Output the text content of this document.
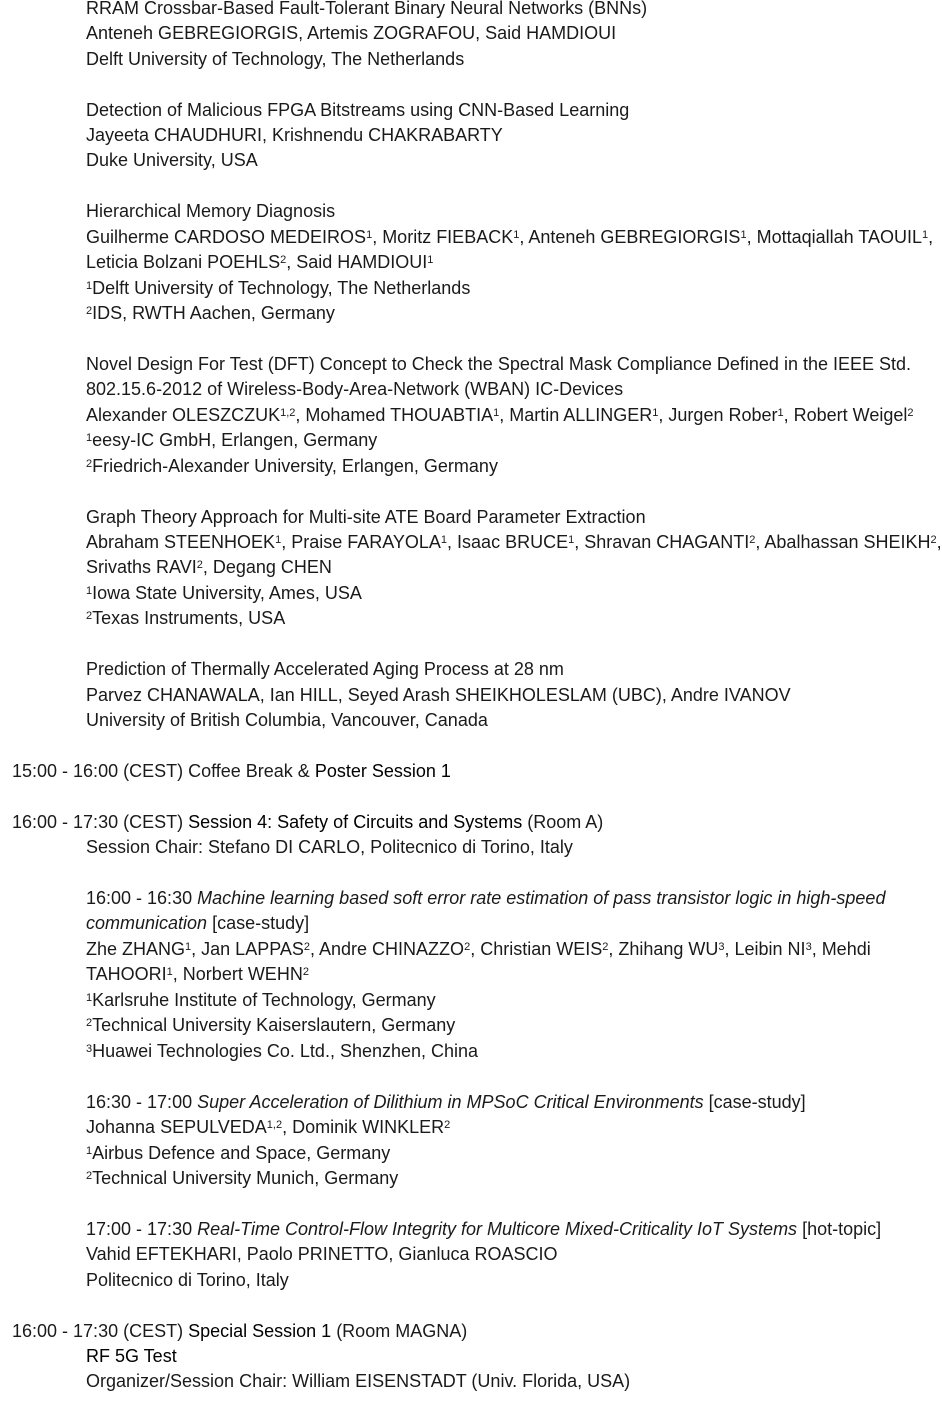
RRAM Crossbar-Based Fault-Tolerant Binary Neural Networks (BNNs)
Anteneh GEBREGIORGIS, Artemis ZOGRAFOU, Said HAMDIOUI
Delft University of Technology, The Netherlands
Detection of Malicious FPGA Bitstreams using CNN-Based Learning
Jayeeta CHAUDHURI, Krishnendu CHAKRABARTY
Duke University, USA
Hierarchical Memory Diagnosis
Guilherme CARDOSO MEDEIROS$^1$, Moritz FIEBACK$^1$, Anteneh GEBREGIORGIS$^1$, Mottaqiallah TAOUIL$^1$,
Leticia Bolzani POEHLS$^2$, Said HAMDIOUI$^1$
$^1$Delft University of Technology, The Netherlands
$^2$IDS, RWTH Aachen, Germany
Novel Design For Test (DFT) Concept to Check the Spectral Mask Compliance Defined in the IEEE Std.
802.15.6-2012 of Wireless-Body-Area-Network (WBAN) IC-Devices
Alexander OLESZCZUK$^{1,2}$, Mohamed THOUABTIA$^1$, Martin ALLINGER$^1$, Jurgen Rober$^1$, Robert Weigel$^2$
$^1$eesy-IC GmbH, Erlangen, Germany
$^2$Friedrich-Alexander University, Erlangen, Germany
Graph Theory Approach for Multi-site ATE Board Parameter Extraction
Abraham STEENHOEK$^1$, Praise FARAYOLA$^1$, Isaac BRUCE$^1$, Shravan CHAGANTI$^2$, Abalhassan SHEIKH$^2$,
Srivaths RAVI$^2$, Degang CHEN
$^1$Iowa State University, Ames, USA
$^2$Texas Instruments, USA
Prediction of Thermally Accelerated Aging Process at 28 nm
Parvez CHANAWALA, Ian HILL, Seyed Arash SHEIKHOLESLAM (UBC), Andre IVANOV
University of British Columbia, Vancouver, Canada
15:00 - 16:00 (CEST) Coffee Break & Poster Session 1
16:00 - 17:30 (CEST) Session 4: Safety of Circuits and Systems (Room A)
Session Chair: Stefano DI CARLO, Politecnico di Torino, Italy
16:00 - 16:30 Machine learning based soft error rate estimation of pass transistor logic in high-speed
communication [case-study]
Zhe ZHANG$^1$, Jan LAPPAS$^2$, Andre CHINAZZO$^2$, Christian WEIS$^2$, Zhihang $WU^3$, Leibin $NI^3$, Mehdi
TAHOORI$^1$, Norbert WEHN$^2$
$^1$Karlsruhe Institute of Technology, Germany
$^2$Technical University Kaiserslautern, Germany
$^3$Huawei Technologies Co. Ltd., Shenzhen, China
16:30 - 17:00 Super Acceleration of Dilithium in MPSoC Critical Environments [case-study]
Johanna SEPULVEDA$^{1,2}$, Dominik WINKLER$^2$
$^1$Airbus Defence and Space, Germany
$^2$Technical University Munich, Germany
17:00 - 17:30 Real-Time Control-Flow Integrity for Multicore Mixed-Criticality IoT Systems [hot-topic]
Vahid EFTEKHARI, Paolo PRINETTO, Gianluca ROASCIO
Politecnico di Torino, Italy
16:00 - 17:30 (CEST) Special Session 1 (Room MAGNA)
RF 5G Test
Organizer/Session Chair: William EISENSTADT (Univ. Florida, USA)
